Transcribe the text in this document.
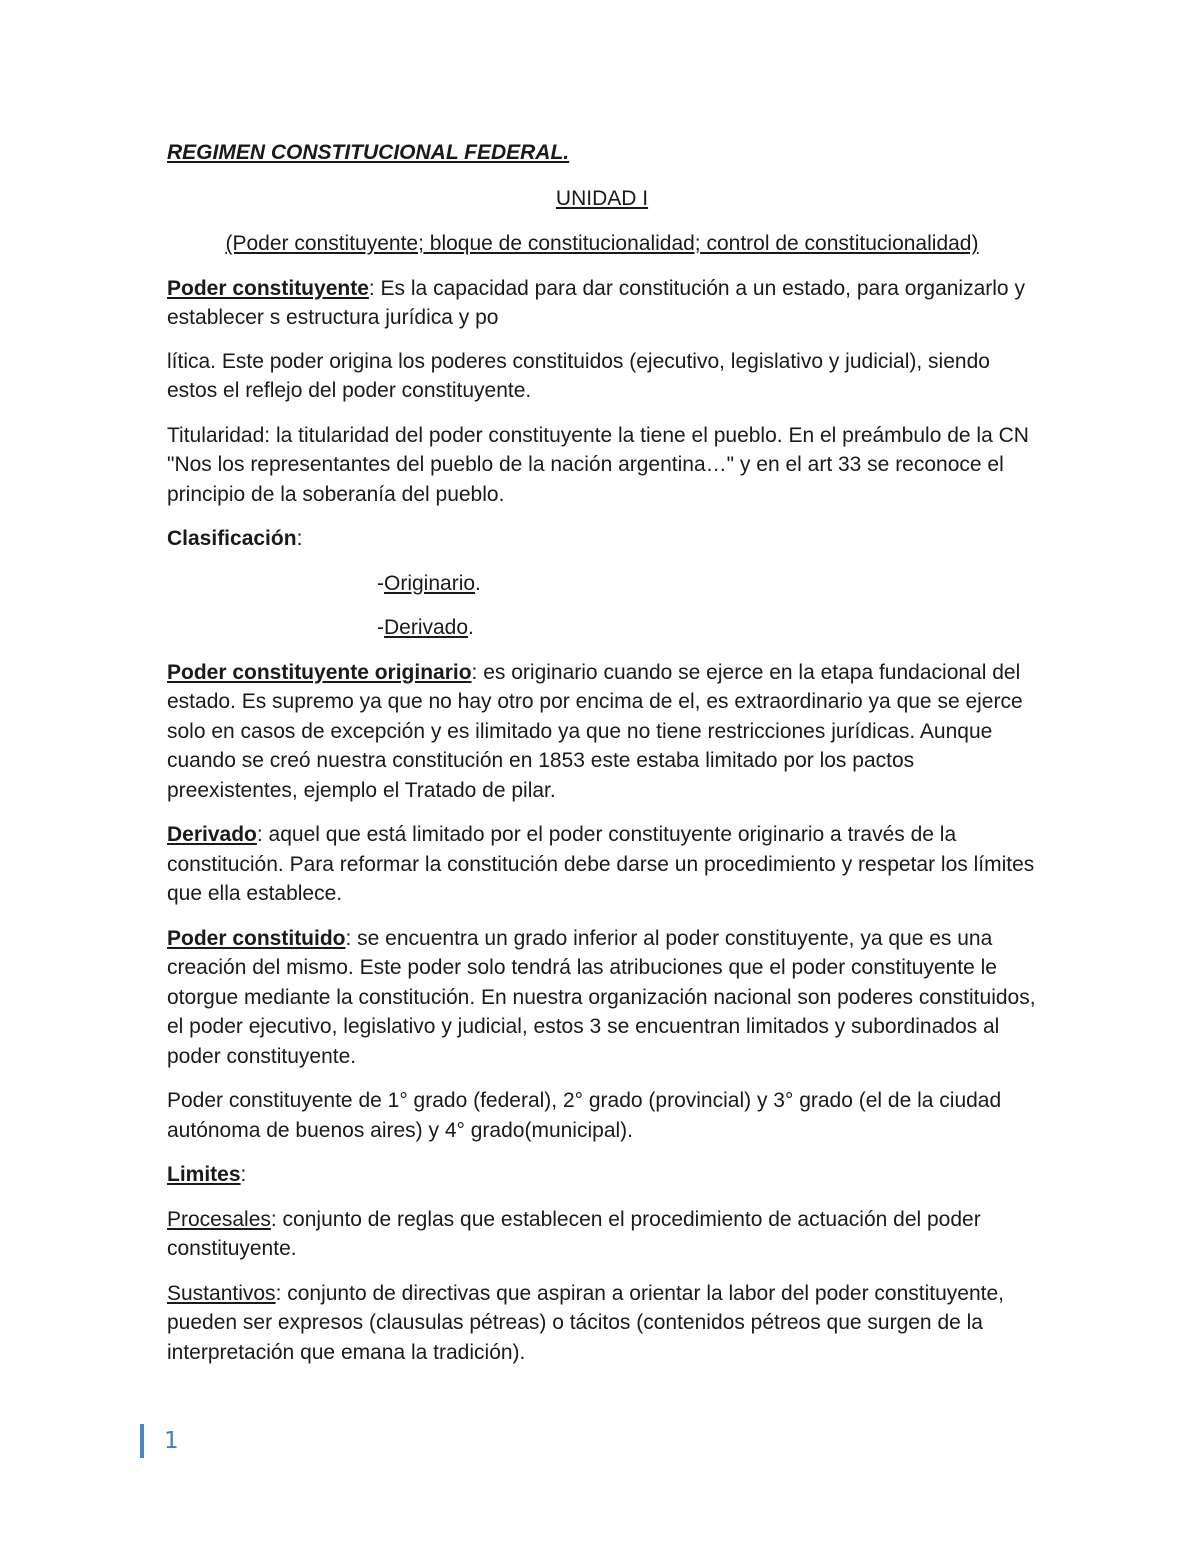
REGIMEN CONSTITUCIONAL FEDERAL.

UNIDAD I

(Poder constituyente; bloque de constitucionalidad; control de constitucionalidad)

Poder constituyente: Es la capacidad para dar constitución a un estado, para organizarlo y establecer s estructura jurídica y po

lítica. Este poder origina los poderes constituidos (ejecutivo, legislativo y judicial), siendo estos el reflejo del poder constituyente.

Titularidad: la titularidad del poder constituyente la tiene el pueblo. En el preámbulo de la CN "Nos los representantes del pueblo de la nación argentina…" y en el art 33 se reconoce el principio de la soberanía del pueblo.

Clasificación:

-Originario.

-Derivado.

Poder constituyente originario: es originario cuando se ejerce en la etapa fundacional del estado. Es supremo ya que no hay otro por encima de el, es extraordinario ya que se ejerce solo en casos de excepción y es ilimitado ya que no tiene restricciones jurídicas. Aunque cuando se creó nuestra constitución en 1853 este estaba limitado por los pactos preexistentes, ejemplo el Tratado de pilar.

Derivado: aquel que está limitado por el poder constituyente originario a través de la constitución. Para reformar la constitución debe darse un procedimiento y respetar los límites que ella establece.

Poder constituido: se encuentra un grado inferior al poder constituyente, ya que es una creación del mismo. Este poder solo tendrá las atribuciones que el poder constituyente le otorgue mediante la constitución. En nuestra organización nacional son poderes constituidos, el poder ejecutivo, legislativo y judicial, estos 3 se encuentran limitados y subordinados al poder constituyente.

Poder constituyente de 1° grado (federal), 2° grado (provincial) y 3° grado (el de la ciudad autónoma de buenos aires) y 4° grado(municipal).

Limites:

Procesales: conjunto de reglas que establecen el procedimiento de actuación del poder constituyente.

Sustantivos: conjunto de directivas que aspiran a orientar la labor del poder constituyente, pueden ser expresos (clausulas pétreas) o tácitos (contenidos pétreos que surgen de la interpretación que emana la tradición).

1
